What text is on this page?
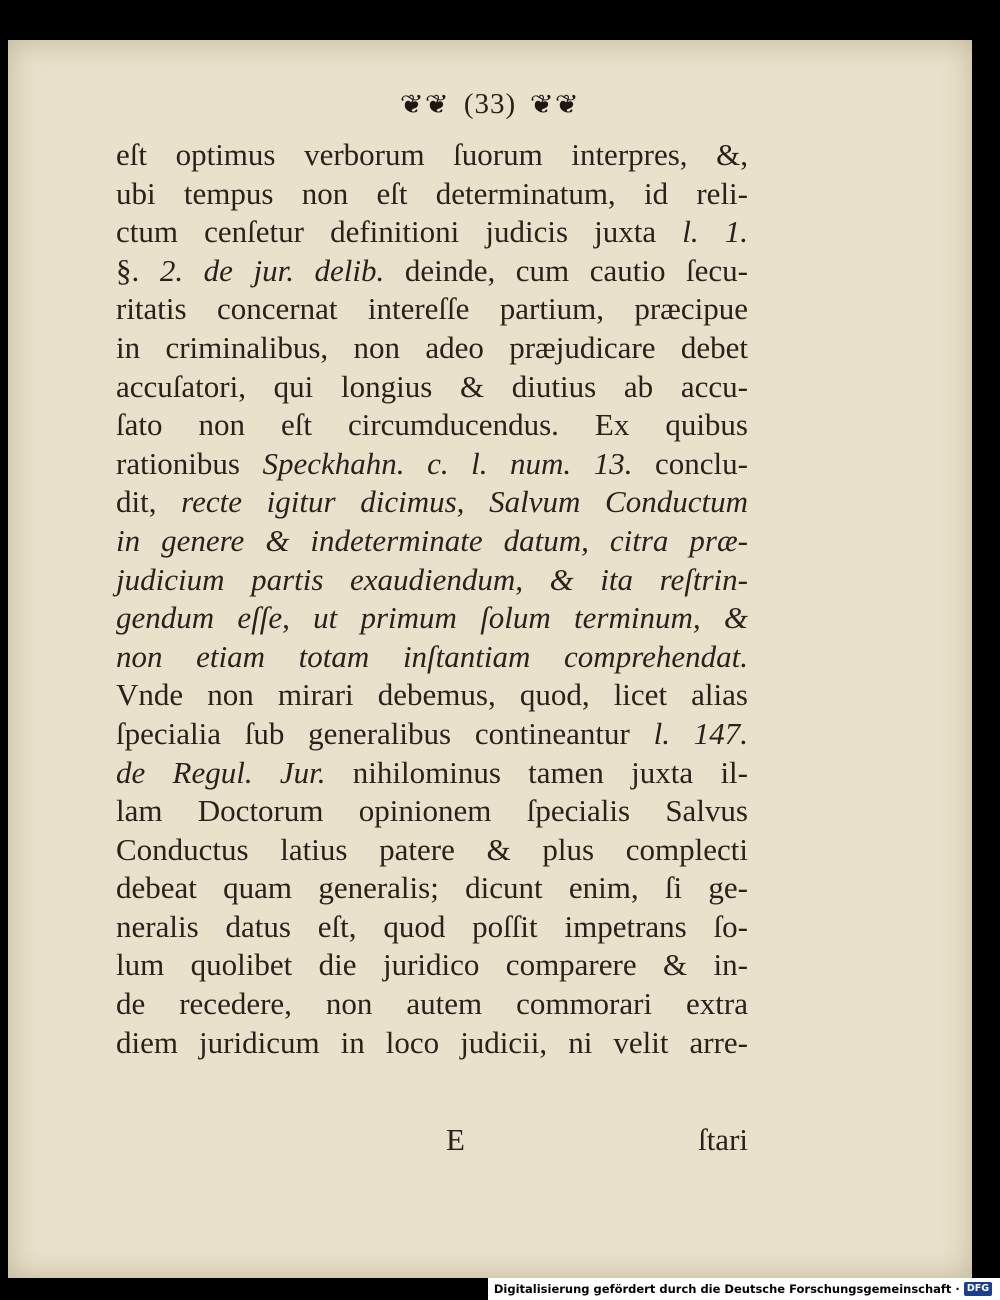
❦❦ (33) ❦❦
eſt optimus verborum ſuorum interpres, &,
ubi tempus non eſt determinatum, id reli-
ctum cenſetur definitioni judicis juxta l. 1.
§. 2. de jur. delib. deinde, cum cautio ſecu-
ritatis concernat intereſſe partium, præcipue
in criminalibus, non adeo præjudicare debet
accuſatori, qui longius & diutius ab accu-
ſato non eſt circumducendus. Ex quibus
rationibus Speckhahn. c. l. num. 13. conclu-
dit, recte igitur dicimus, Salvum Conductum
in genere & indeterminate datum, citra præ-
judicium partis exaudiendum, & ita reſtrin-
gendum eſſe, ut primum ſolum terminum, &
non etiam totam inſtantiam comprehendat.
Vnde non mirari debemus, quod, licet alias
ſpecialia ſub generalibus contineantur l. 147.
de Regul. Jur. nihilominus tamen juxta il-
lam Doctorum opinionem ſpecialis Salvus
Conductus latius patere & plus complecti
debeat quam generalis; dicunt enim, ſi ge-
neralis datus eſt, quod poſſit impetrans ſo-
lum quolibet die juridico comparere & in-
de recedere, non autem commorari extra
diem juridicum in loco judicii, ni velit arre-
E	ſtari
Digitalisierung gefördert durch die Deutsche Forschungsgemeinschaft · DFG
